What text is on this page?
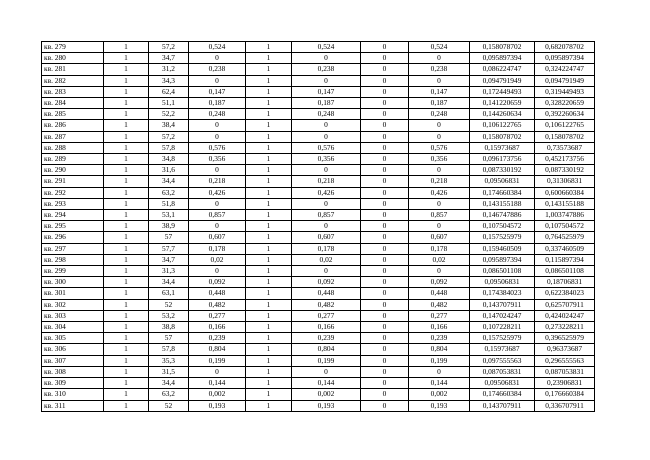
кв. 279	1	57,2	0,524	1	0,524	0	0,524	0,158078702	0,682078702
кв. 280	1	34,7	0	1	0	0	0	0,095897394	0,095897394
кв. 281	1	31,2	0,238	1	0,238	0	0,238	0,086224747	0,324224747
кв. 282	1	34,3	0	1	0	0	0	0,094791949	0,094791949
кв. 283	1	62,4	0,147	1	0,147	0	0,147	0,172449493	0,319449493
кв. 284	1	51,1	0,187	1	0,187	0	0,187	0,141220659	0,328220659
кв. 285	1	52,2	0,248	1	0,248	0	0,248	0,144260634	0,392260634
кв. 286	1	38,4	0	1	0	0	0	0,106122765	0,106122765
кв. 287	1	57,2	0	1	0	0	0	0,158078702	0,158078702
кв. 288	1	57,8	0,576	1	0,576	0	0,576	0,15973687	0,73573687
кв. 289	1	34,8	0,356	1	0,356	0	0,356	0,096173756	0,452173756
кв. 290	1	31,6	0	1	0	0	0	0,087330192	0,087330192
кв. 291	1	34,4	0,218	1	0,218	0	0,218	0,09506831	0,31306831
кв. 292	1	63,2	0,426	1	0,426	0	0,426	0,174660384	0,600660384
кв. 293	1	51,8	0	1	0	0	0	0,143155188	0,143155188
кв. 294	1	53,1	0,857	1	0,857	0	0,857	0,146747886	1,003747886
кв. 295	1	38,9	0	1	0	0	0	0,107504572	0,107504572
кв. 296	1	57	0,607	1	0,607	0	0,607	0,157525979	0,764525979
кв. 297	1	57,7	0,178	1	0,178	0	0,178	0,159460509	0,337460509
кв. 298	1	34,7	0,02	1	0,02	0	0,02	0,095897394	0,115897394
кв. 299	1	31,3	0	1	0	0	0	0,086501108	0,086501108
кв. 300	1	34,4	0,092	1	0,092	0	0,092	0,09506831	0,18706831
кв. 301	1	63,1	0,448	1	0,448	0	0,448	0,174384023	0,622384023
кв. 302	1	52	0,482	1	0,482	0	0,482	0,143707911	0,625707911
кв. 303	1	53,2	0,277	1	0,277	0	0,277	0,147024247	0,424024247
кв. 304	1	38,8	0,166	1	0,166	0	0,166	0,107228211	0,273228211
кв. 305	1	57	0,239	1	0,239	0	0,239	0,157525979	0,396525979
кв. 306	1	57,8	0,804	1	0,804	0	0,804	0,15973687	0,96373687
кв. 307	1	35,3	0,199	1	0,199	0	0,199	0,097555563	0,296555563
кв. 308	1	31,5	0	1	0	0	0	0,087053831	0,087053831
кв. 309	1	34,4	0,144	1	0,144	0	0,144	0,09506831	0,23906831
кв. 310	1	63,2	0,002	1	0,002	0	0,002	0,174660384	0,176660384
кв. 311	1	52	0,193	1	0,193	0	0,193	0,143707911	0,336707911
